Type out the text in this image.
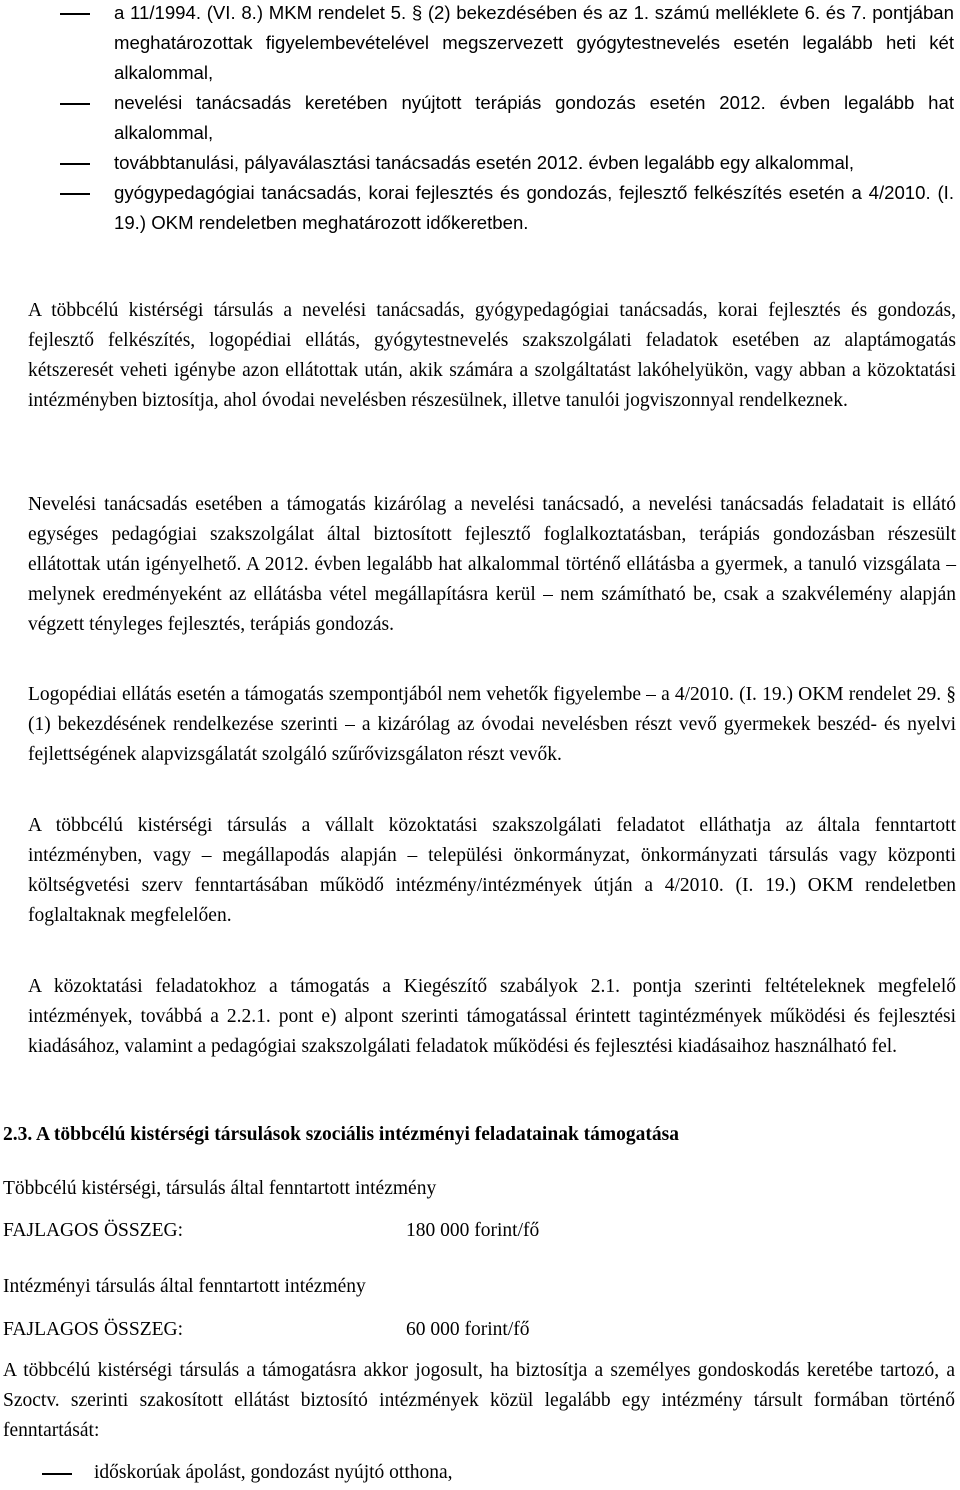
a 11/1994. (VI. 8.) MKM rendelet 5. § (2) bekezdésében és az 1. számú melléklete 6. és 7. pontjában meghatározottak figyelembevételével megszervezett gyógytestnevelés esetén legalább heti két alkalommal,
nevelési tanácsadás keretében nyújtott terápiás gondozás esetén 2012. évben legalább hat alkalommal,
továbbtanulási, pályaválasztási tanácsadás esetén 2012. évben legalább egy alkalommal,
gyógypedagógiai tanácsadás, korai fejlesztés és gondozás, fejlesztő felkészítés esetén a 4/2010. (I. 19.) OKM rendeletben meghatározott időkeretben.
A többcélú kistérségi társulás a nevelési tanácsadás, gyógypedagógiai tanácsadás, korai fejlesztés és gondozás, fejlesztő felkészítés, logopédiai ellátás, gyógytestnevelés szakszolgálati feladatok esetében az alaptámogatás kétszeresét veheti igénybe azon ellátottak után, akik számára a szolgáltatást lakóhelyükön, vagy abban a közoktatási intézményben biztosítja, ahol óvodai nevelésben részesülnek, illetve tanulói jogviszonnyal rendelkeznek.
Nevelési tanácsadás esetében a támogatás kizárólag a nevelési tanácsadó, a nevelési tanácsadás feladatait is ellátó egységes pedagógiai szakszolgálat által biztosított fejlesztő foglalkoztatásban, terápiás gondozásban részesült ellátottak után igényelhető. A 2012. évben legalább hat alkalommal történő ellátásba a gyermek, a tanuló vizsgálata – melynek eredményeként az ellátásba vétel megállapításra kerül – nem számítható be, csak a szakvélemény alapján végzett tényleges fejlesztés, terápiás gondozás.
Logopédiai ellátás esetén a támogatás szempontjából nem vehetők figyelembe – a 4/2010. (I. 19.) OKM rendelet 29. § (1) bekezdésének rendelkezése szerinti – a kizárólag az óvodai nevelésben részt vevő gyermekek beszéd- és nyelvi fejlettségének alapvizsgálatát szolgáló szűrővizsgálaton részt vevők.
A többcélú kistérségi társulás a vállalt közoktatási szakszolgálati feladatot elláthatja az általa fenntartott intézményben, vagy – megállapodás alapján – települési önkormányzat, önkormányzati társulás vagy központi költségvetési szerv fenntartásában működő intézmény/intézmények útján a 4/2010. (I. 19.) OKM rendeletben foglaltaknak megfelelően.
A közoktatási feladatokhoz a támogatás a Kiegészítő szabályok 2.1. pontja szerinti feltételeknek megfelelő intézmények, továbbá a 2.2.1. pont e) alpont szerinti támogatással érintett tagintézmények működési és fejlesztési kiadásához, valamint a pedagógiai szakszolgálati feladatok működési és fejlesztési kiadásaihoz használható fel.
2.3. A többcélú kistérségi társulások szociális intézményi feladatainak támogatása
Többcélú kistérségi, társulás által fenntartott intézmény
FAJLAGOS ÖSSZEG:	180 000 forint/fő
Intézményi társulás által fenntartott intézmény
FAJLAGOS ÖSSZEG:	60 000 forint/fő
A többcélú kistérségi társulás a támogatásra akkor jogosult, ha biztosítja a személyes gondoskodás keretébe tartozó, a Szoctv. szerinti szakosított ellátást biztosító intézmények közül legalább egy intézmény társult formában történő fenntartását:
időskorúak ápolást, gondozást nyújtó otthona,
